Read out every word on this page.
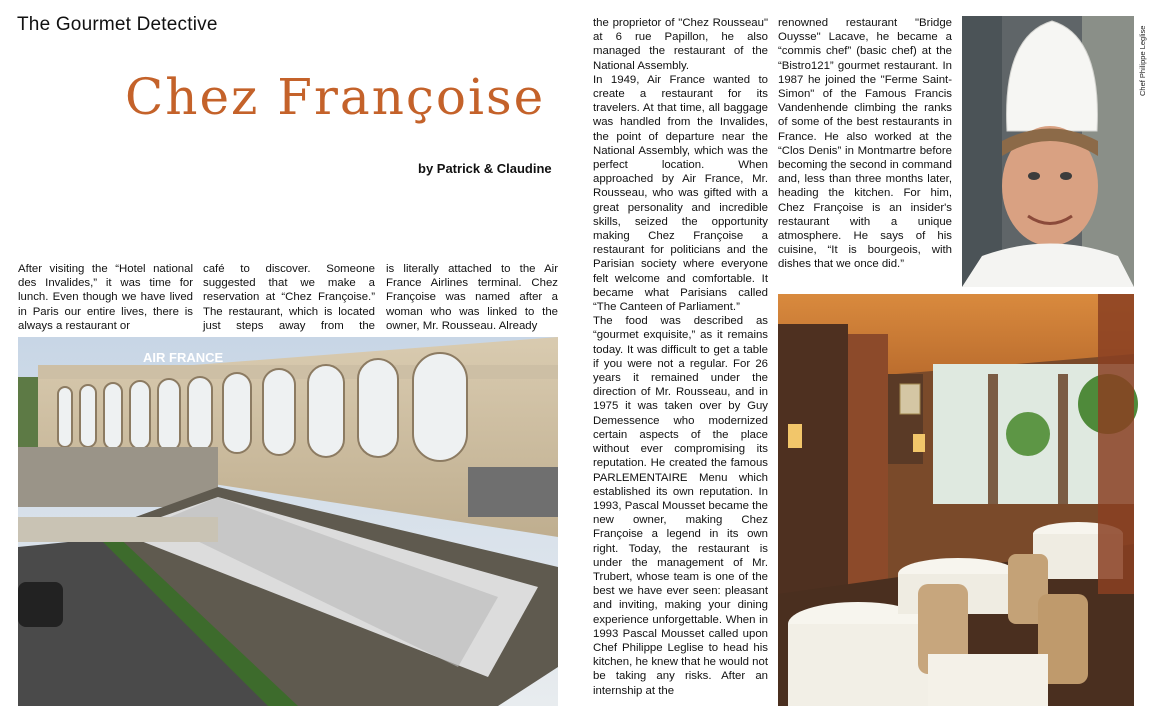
The Gourmet Detective
Chez Françoise
by Patrick & Claudine
After visiting the “Hotel national des Invalides,” it was time for lunch. Even though we have lived in Paris our entire lives, there is always a restaurant or
café to discover. Someone suggested that we make a reservation at “Chez Françoise.” The restaurant, which is located just steps away from the
is literally attached to the Air France Airlines terminal. Chez Françoise was named after a woman who was linked to the owner, Mr. Rousseau. Already

the proprietor of "Chez Rousseau" at 6 rue Papillon, he also managed the restaurant of the National Assembly.

In 1949, Air France wanted to create a restaurant for its travelers. At that time, all baggage was handled from the Invalides, the point of departure near the National Assembly, which was the perfect location. When approached by Air France, Mr. Rousseau, who was gifted with a great personality and incredible skills, seized the opportunity making Chez Françoise a restaurant for politicians and the Parisian society where everyone felt welcome and comfortable. It became what Parisians called “The Canteen of Parliament.”

The food was described as “gourmet exquisite,” as it remains today. It was difficult to get a table if you were not a regular. For 26 years it remained under the direction of Mr. Rousseau, and in 1975 it was taken over by Guy Demessence who modernized certain aspects of the place without ever compromising its reputation. He created the famous PARLEMENTAIRE Menu which established its own reputation. In 1993, Pascal Mousset became the new owner, making Chez Françoise a legend in its own right. Today, the restaurant is under the management of Mr. Trubert, whose team is one of the best we have ever seen: pleasant and inviting, making your dining experience unforgettable. When in 1993 Pascal Mousset called upon Chef Philippe Leglise to head his kitchen, he knew that he would not be taking any risks. After an internship at the

renowned restaurant "Bridge Ouysse" Lacave, he became a “commis chef” (basic chef) at the “Bistro121” gourmet restaurant. In 1987 he joined the "Ferme Saint-Simon" of the Famous Francis Vandenhende climbing the ranks of some of the best restaurants in France. He also worked at the “Clos Denis” in Montmartre before becoming the second in command and, less than three months later, heading the kitchen. For him, Chez Françoise is an insider's restaurant with a unique atmosphere. He says of his cuisine, “It is bourgeois, with dishes that we once did.”
AIR FRANCE
Chef Philippe Leglise
